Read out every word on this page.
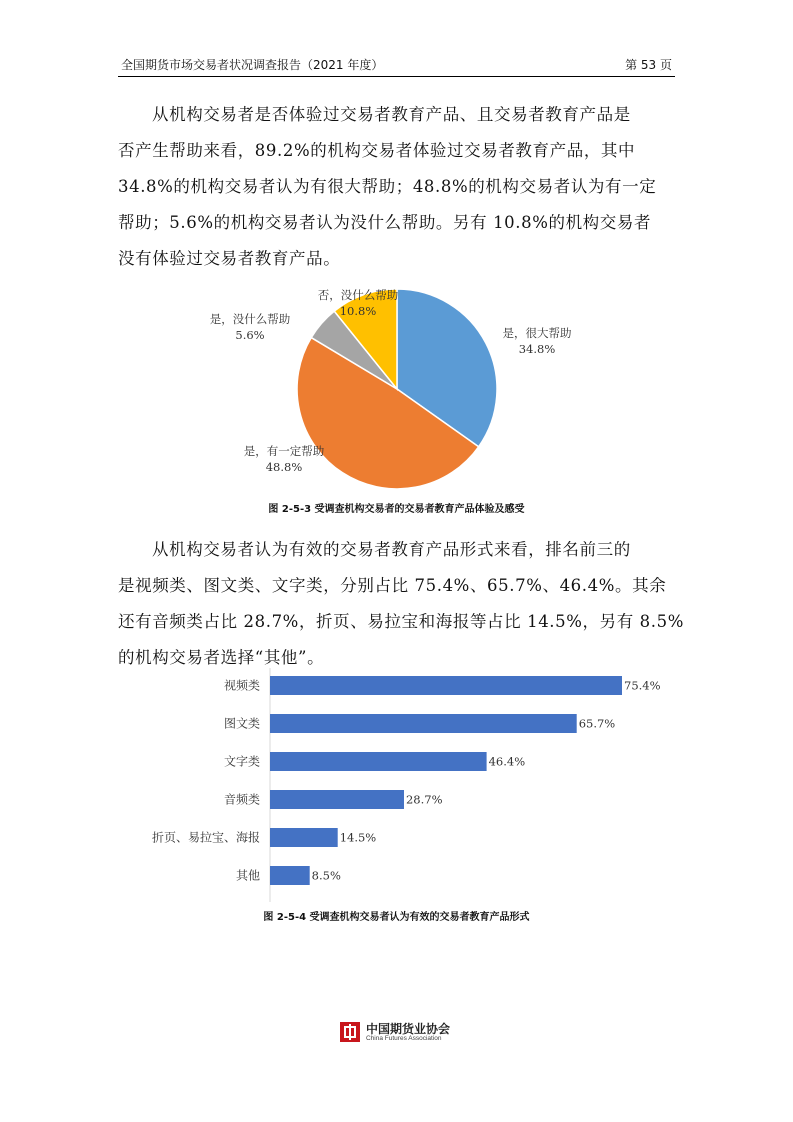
全国期货市场交易者状况调查报告（2021 年度）	第 53 页

从机构交易者是否体验过交易者教育产品、且交易者教育产品是
否产生帮助来看，89.2%的机构交易者体验过交易者教育产品，其中
34.8%的机构交易者认为有很大帮助；48.8%的机构交易者认为有一定
帮助；5.6%的机构交易者认为没什么帮助。另有 10.8%的机构交易者
没有体验过交易者教育产品。

是，很大帮助
34.8%
是，有一定帮助
48.8%
是，没什么帮助
5.6%
否，没什么帮助
10.8%
图 2-5-3 受调查机构交易者的交易者教育产品体验及感受

从机构交易者认为有效的交易者教育产品形式来看，排名前三的
是视频类、图文类、文字类，分别占比 75.4%、65.7%、46.4%。其余
还有音频类占比 28.7%，折页、易拉宝和海报等占比 14.5%，另有 8.5%
的机构交易者选择“其他”。

视频类	75.4%
图文类	65.7%
文字类	46.4%
音频类	28.7%
折页、易拉宝、海报	14.5%
其他	8.5%
图 2-5-4 受调查机构交易者认为有效的交易者教育产品形式
中国期货业协会
China Futures Association
